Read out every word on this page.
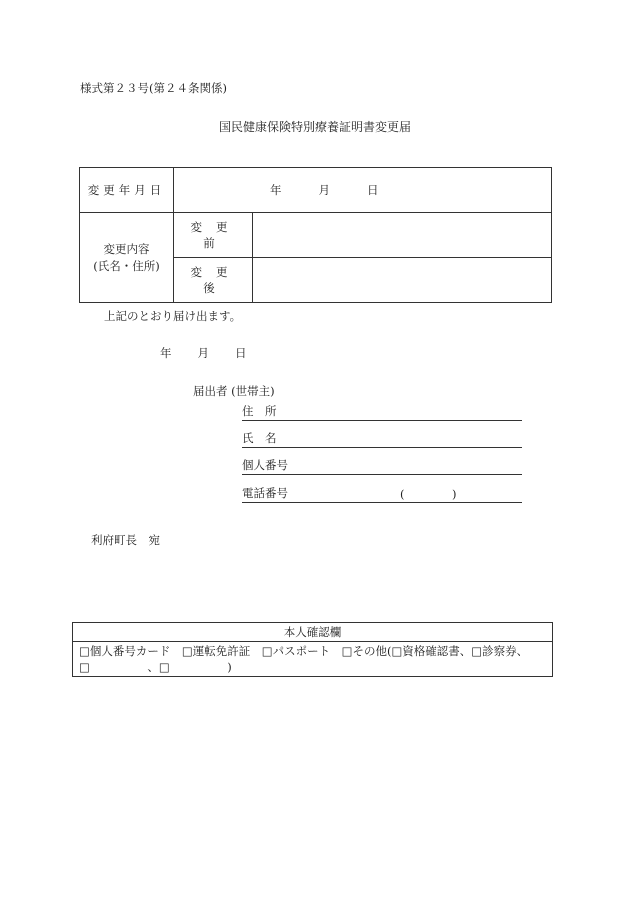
様式第２３号(第２４条関係)
国民健康保険特別療養証明書変更届
変更年月日	年 月 日	

変更内容
(氏名・住所)	変更前	
	変更後	
上記のとおり届け出ます。
年 月 日
届出者 (世帯主)
住　所
氏　名
個人番号
電話番号	(	)
利府町長　宛
本人確認欄

□個人番号カード　□運転免許証　□パスポート　□その他(□資格確認書、□診察券、
□　　　　　、□　　　　　)
